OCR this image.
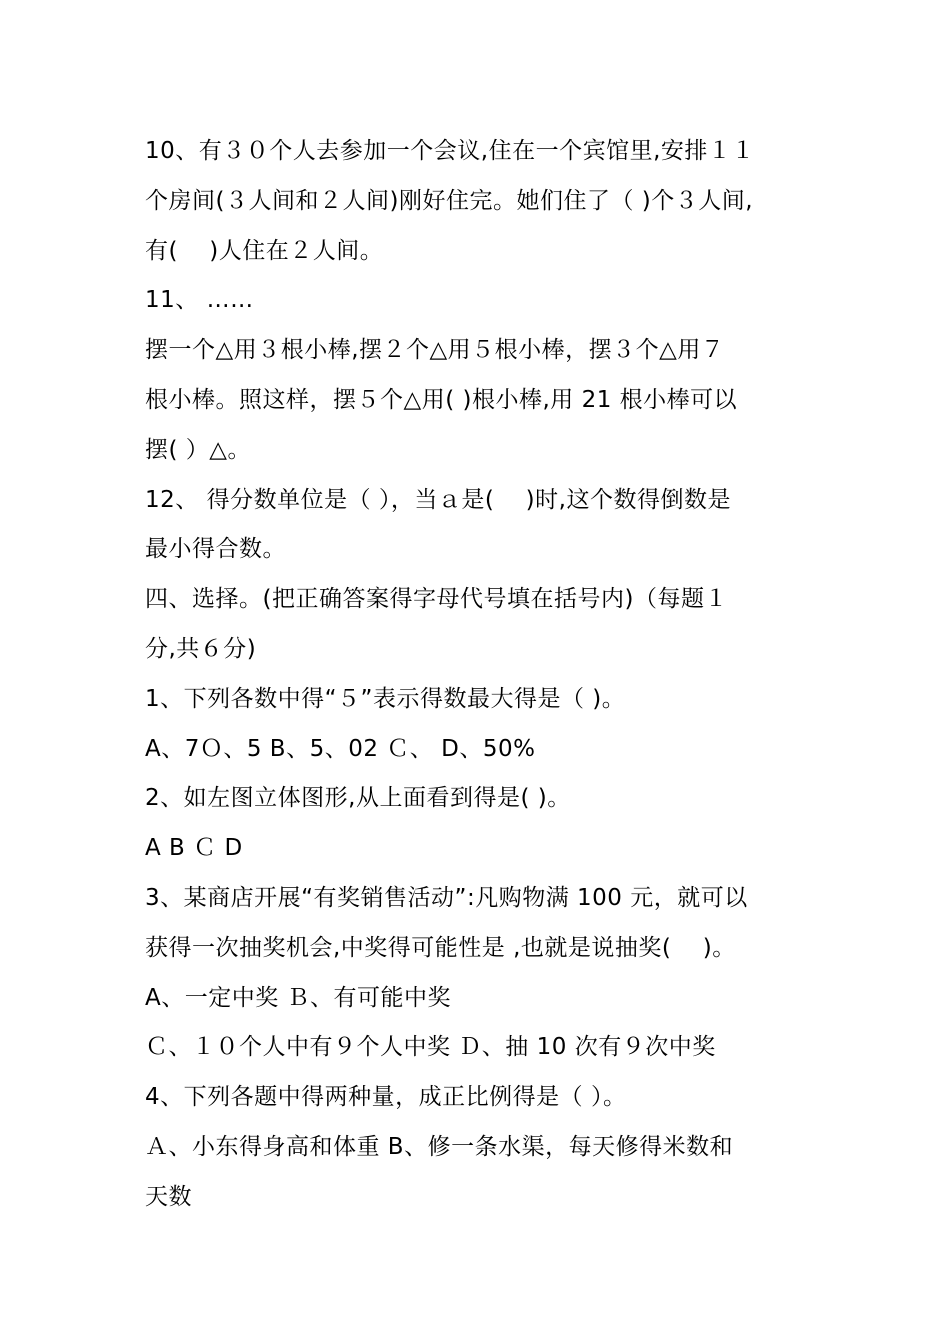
10、有３０个人去参加一个会议,住在一个宾馆里,安排１１
个房间(３人间和２人间)刚好住完。她们住了（ )个３人间,
有(　 )人住在２人间。
11、 ……
摆一个△用３根小棒,摆２个△用５根小棒，摆３个△用７
根小棒。照这样，摆５个△用( )根小棒,用 21 根小棒可以
摆( ）△。
12、 得分数单位是（ ），当ａ是(　 )时,这个数得倒数是
最小得合数。
四、选择。(把正确答案得字母代号填在括号内)（每题１
分,共６分)
1、下列各数中得“５”表示得数最大得是（ )。
A、7Ｏ、5 B、5、02 Ｃ、 D、50%
2、如左图立体图形,从上面看到得是( )。
A B Ｃ D
3、某商店开展“有奖销售活动”:凡购物满 100 元，就可以
获得一次抽奖机会,中奖得可能性是 ,也就是说抽奖(　 )。
A、一定中奖 Ｂ、有可能中奖
Ｃ、１０个人中有９个人中奖 Ｄ、抽 10 次有９次中奖
4、下列各题中得两种量，成正比例得是（ ）。
Ａ、小东得身高和体重 B、修一条水渠，每天修得米数和
天数
